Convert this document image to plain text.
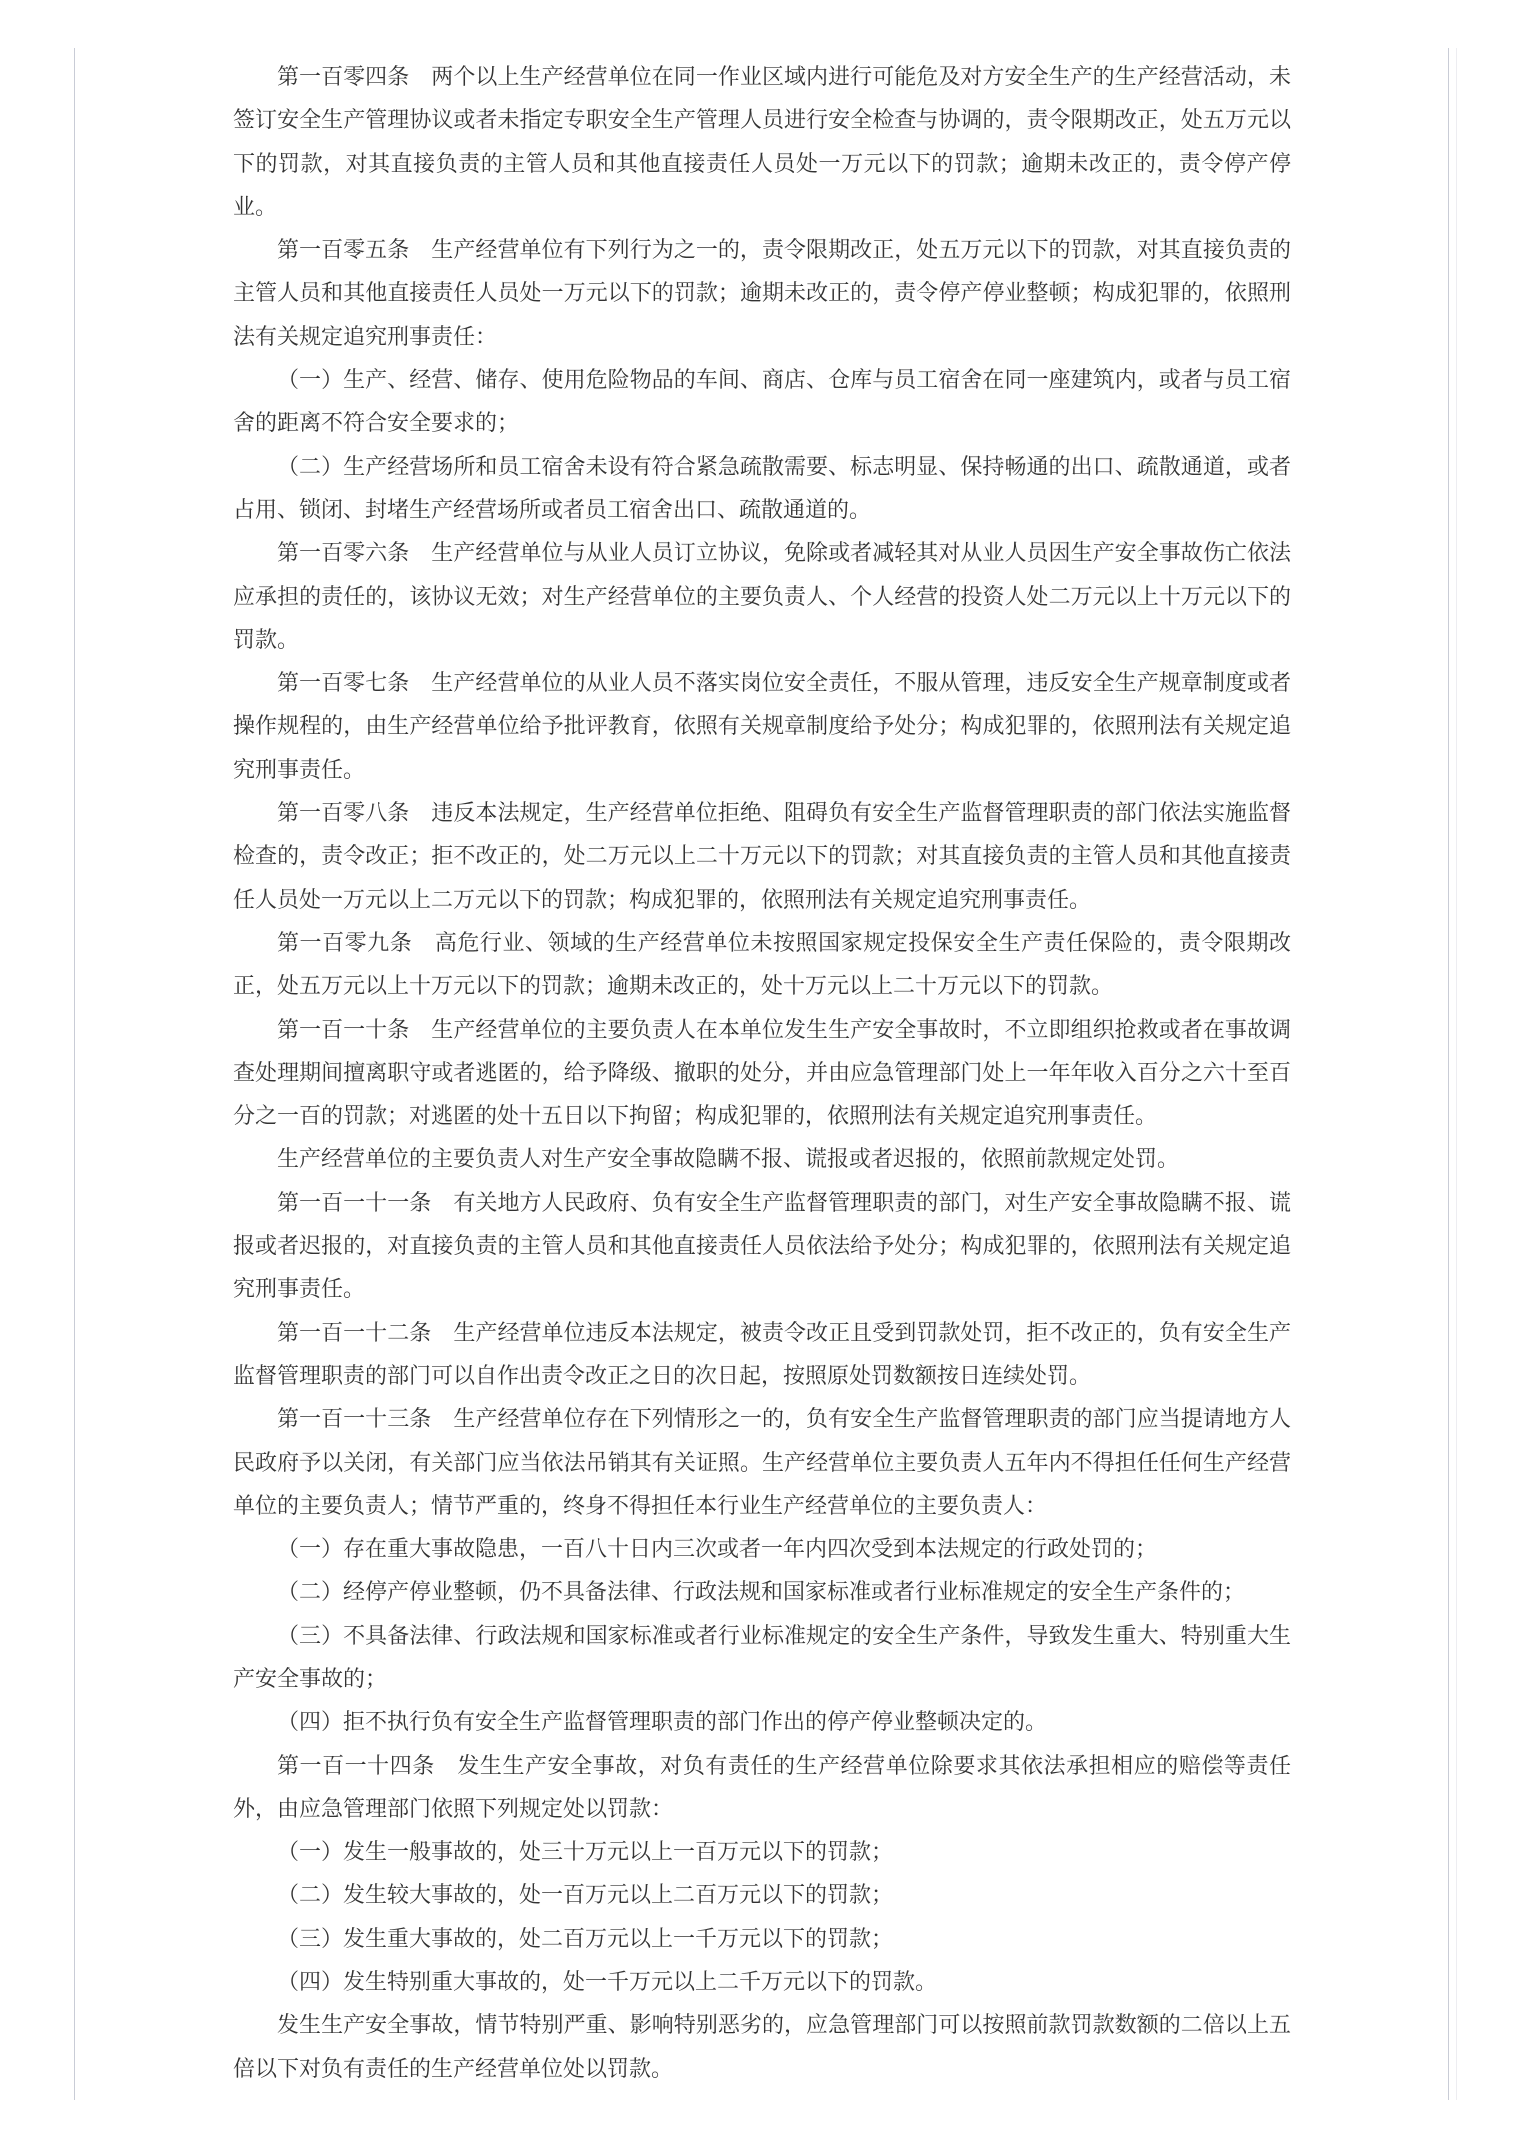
第一百零四条　两个以上生产经营单位在同一作业区域内进行可能危及对方安全生产的生产经营活动，未签订安全生产管理协议或者未指定专职安全生产管理人员进行安全检查与协调的，责令限期改正，处五万元以下的罚款，对其直接负责的主管人员和其他直接责任人员处一万元以下的罚款；逾期未改正的，责令停产停业。

第一百零五条　生产经营单位有下列行为之一的，责令限期改正，处五万元以下的罚款，对其直接负责的主管人员和其他直接责任人员处一万元以下的罚款；逾期未改正的，责令停产停业整顿；构成犯罪的，依照刑法有关规定追究刑事责任：

（一）生产、经营、储存、使用危险物品的车间、商店、仓库与员工宿舍在同一座建筑内，或者与员工宿舍的距离不符合安全要求的；

（二）生产经营场所和员工宿舍未设有符合紧急疏散需要、标志明显、保持畅通的出口、疏散通道，或者占用、锁闭、封堵生产经营场所或者员工宿舍出口、疏散通道的。

第一百零六条　生产经营单位与从业人员订立协议，免除或者减轻其对从业人员因生产安全事故伤亡依法应承担的责任的，该协议无效；对生产经营单位的主要负责人、个人经营的投资人处二万元以上十万元以下的罚款。

第一百零七条　生产经营单位的从业人员不落实岗位安全责任，不服从管理，违反安全生产规章制度或者操作规程的，由生产经营单位给予批评教育，依照有关规章制度给予处分；构成犯罪的，依照刑法有关规定追究刑事责任。

第一百零八条　违反本法规定，生产经营单位拒绝、阻碍负有安全生产监督管理职责的部门依法实施监督检查的，责令改正；拒不改正的，处二万元以上二十万元以下的罚款；对其直接负责的主管人员和其他直接责任人员处一万元以上二万元以下的罚款；构成犯罪的，依照刑法有关规定追究刑事责任。

第一百零九条　高危行业、领域的生产经营单位未按照国家规定投保安全生产责任保险的，责令限期改正，处五万元以上十万元以下的罚款；逾期未改正的，处十万元以上二十万元以下的罚款。

第一百一十条　生产经营单位的主要负责人在本单位发生生产安全事故时，不立即组织抢救或者在事故调查处理期间擅离职守或者逃匿的，给予降级、撤职的处分，并由应急管理部门处上一年年收入百分之六十至百分之一百的罚款；对逃匿的处十五日以下拘留；构成犯罪的，依照刑法有关规定追究刑事责任。

生产经营单位的主要负责人对生产安全事故隐瞒不报、谎报或者迟报的，依照前款规定处罚。

第一百一十一条　有关地方人民政府、负有安全生产监督管理职责的部门，对生产安全事故隐瞒不报、谎报或者迟报的，对直接负责的主管人员和其他直接责任人员依法给予处分；构成犯罪的，依照刑法有关规定追究刑事责任。

第一百一十二条　生产经营单位违反本法规定，被责令改正且受到罚款处罚，拒不改正的，负有安全生产监督管理职责的部门可以自作出责令改正之日的次日起，按照原处罚数额按日连续处罚。

第一百一十三条　生产经营单位存在下列情形之一的，负有安全生产监督管理职责的部门应当提请地方人民政府予以关闭，有关部门应当依法吊销其有关证照。生产经营单位主要负责人五年内不得担任任何生产经营单位的主要负责人；情节严重的，终身不得担任本行业生产经营单位的主要负责人：

（一）存在重大事故隐患，一百八十日内三次或者一年内四次受到本法规定的行政处罚的；

（二）经停产停业整顿，仍不具备法律、行政法规和国家标准或者行业标准规定的安全生产条件的；

（三）不具备法律、行政法规和国家标准或者行业标准规定的安全生产条件，导致发生重大、特别重大生产安全事故的；

（四）拒不执行负有安全生产监督管理职责的部门作出的停产停业整顿决定的。

第一百一十四条　发生生产安全事故，对负有责任的生产经营单位除要求其依法承担相应的赔偿等责任外，由应急管理部门依照下列规定处以罚款：

（一）发生一般事故的，处三十万元以上一百万元以下的罚款；

（二）发生较大事故的，处一百万元以上二百万元以下的罚款；

（三）发生重大事故的，处二百万元以上一千万元以下的罚款；

（四）发生特别重大事故的，处一千万元以上二千万元以下的罚款。

发生生产安全事故，情节特别严重、影响特别恶劣的，应急管理部门可以按照前款罚款数额的二倍以上五倍以下对负有责任的生产经营单位处以罚款。
